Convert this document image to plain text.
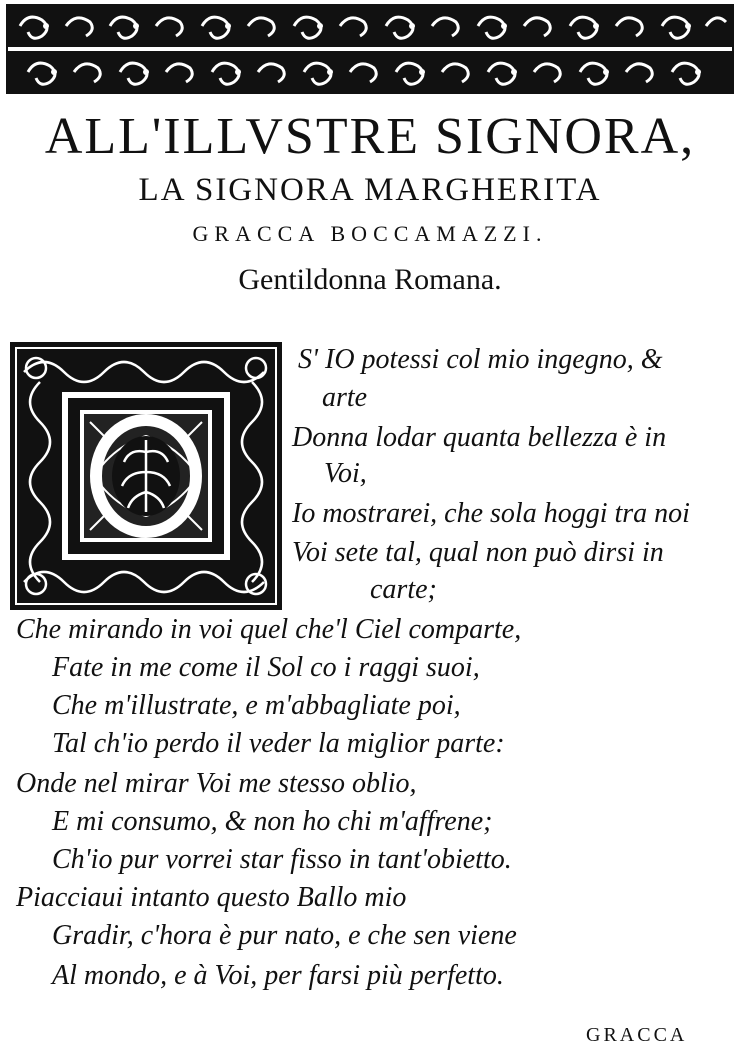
ALL'ILLVSTRE SIGNORA,
LA SIGNORA MARGHERITA
GRACCA BOCCAMAZZI.
Gentildonna Romana.
S' IO potessi col mio ingegno, &
arte
Donna lodar quanta bellezza è in
Voi,
Io mostrarei, che sola hoggi tra noi
Voi sete tal, qual non può dirsi in
carte;
Che mirando in voi quel che'l Ciel comparte,
Fate in me come il Sol co i raggi suoi,
Che m'illustrate, e m'abbagliate poi,
Tal ch'io perdo il veder la miglior parte:
Onde nel mirar Voi me stesso oblio,
E mi consumo, & non ho chi m'affrene;
Ch'io pur vorrei star fisso in tant'obietto.
Piacciaui intanto questo Ballo mio
Gradir, c'hora è pur nato, e che sen viene
Al mondo, e à Voi, per farsi più perfetto.
GRACCA
